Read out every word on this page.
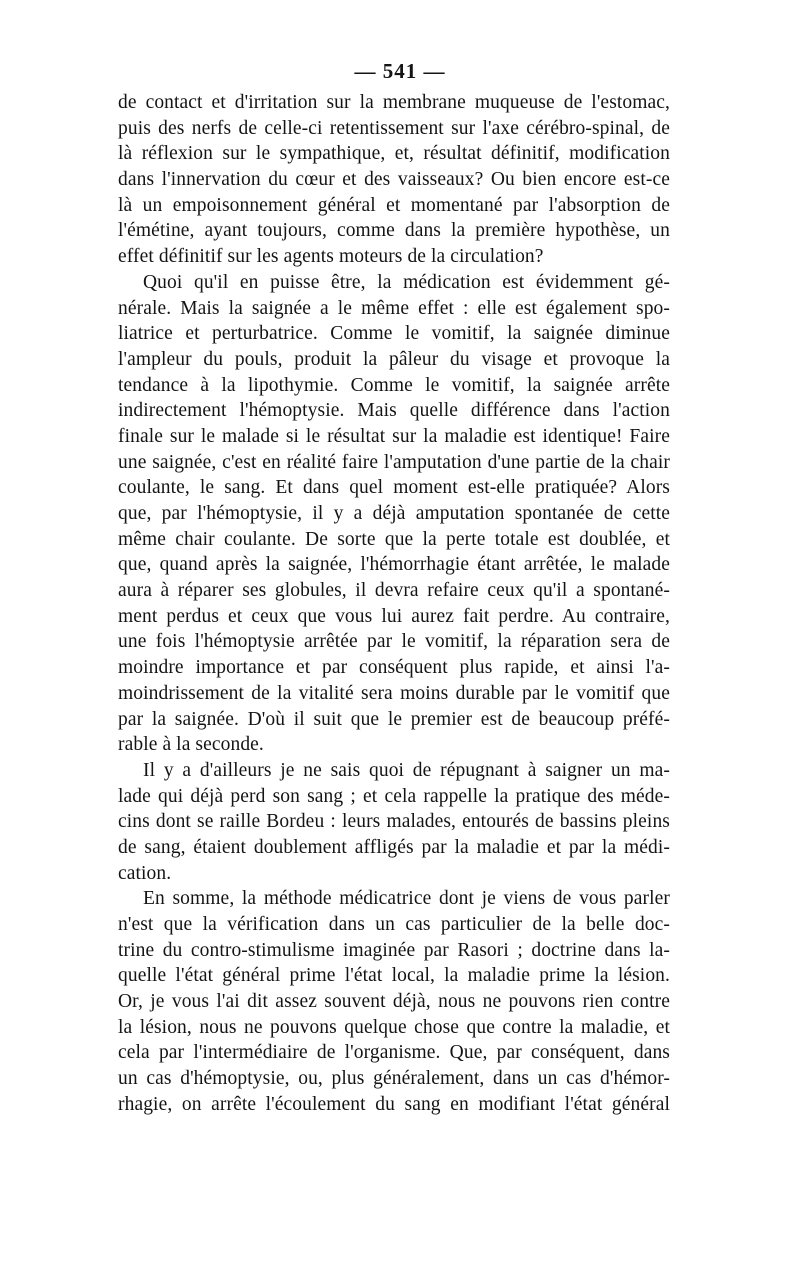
— 541 —
de contact et d'irritation sur la membrane muqueuse de l'estomac,
puis des nerfs de celle-ci retentissement sur l'axe cérébro-spinal, de
là réflexion sur le sympathique, et, résultat définitif, modification
dans l'innervation du cœur et des vaisseaux? Ou bien encore est-ce
là un empoisonnement général et momentané par l'absorption de
l'émétine, ayant toujours, comme dans la première hypothèse, un
effet définitif sur les agents moteurs de la circulation?
Quoi qu'il en puisse être, la médication est évidemment gé-
nérale. Mais la saignée a le même effet : elle est également spo-
liatrice et perturbatrice. Comme le vomitif, la saignée diminue
l'ampleur du pouls, produit la pâleur du visage et provoque la
tendance à la lipothymie. Comme le vomitif, la saignée arrête
indirectement l'hémoptysie. Mais quelle différence dans l'action
finale sur le malade si le résultat sur la maladie est identique! Faire
une saignée, c'est en réalité faire l'amputation d'une partie de la chair
coulante, le sang. Et dans quel moment est-elle pratiquée? Alors
que, par l'hémoptysie, il y a déjà amputation spontanée de cette
même chair coulante. De sorte que la perte totale est doublée, et
que, quand après la saignée, l'hémorrhagie étant arrêtée, le malade
aura à réparer ses globules, il devra refaire ceux qu'il a spontané-
ment perdus et ceux que vous lui aurez fait perdre. Au contraire,
une fois l'hémoptysie arrêtée par le vomitif, la réparation sera de
moindre importance et par conséquent plus rapide, et ainsi l'a-
moindrissement de la vitalité sera moins durable par le vomitif que
par la saignée. D'où il suit que le premier est de beaucoup préfé-
rable à la seconde.
Il y a d'ailleurs je ne sais quoi de répugnant à saigner un ma-
lade qui déjà perd son sang ; et cela rappelle la pratique des méde-
cins dont se raille Bordeu : leurs malades, entourés de bassins pleins
de sang, étaient doublement affligés par la maladie et par la médi-
cation.
En somme, la méthode médicatrice dont je viens de vous parler
n'est que la vérification dans un cas particulier de la belle doc-
trine du contro-stimulisme imaginée par Rasori ; doctrine dans la-
quelle l'état général prime l'état local, la maladie prime la lésion.
Or, je vous l'ai dit assez souvent déjà, nous ne pouvons rien contre
la lésion, nous ne pouvons quelque chose que contre la maladie, et
cela par l'intermédiaire de l'organisme. Que, par conséquent, dans
un cas d'hémoptysie, ou, plus généralement, dans un cas d'hémor-
rhagie, on arrête l'écoulement du sang en modifiant l'état général
